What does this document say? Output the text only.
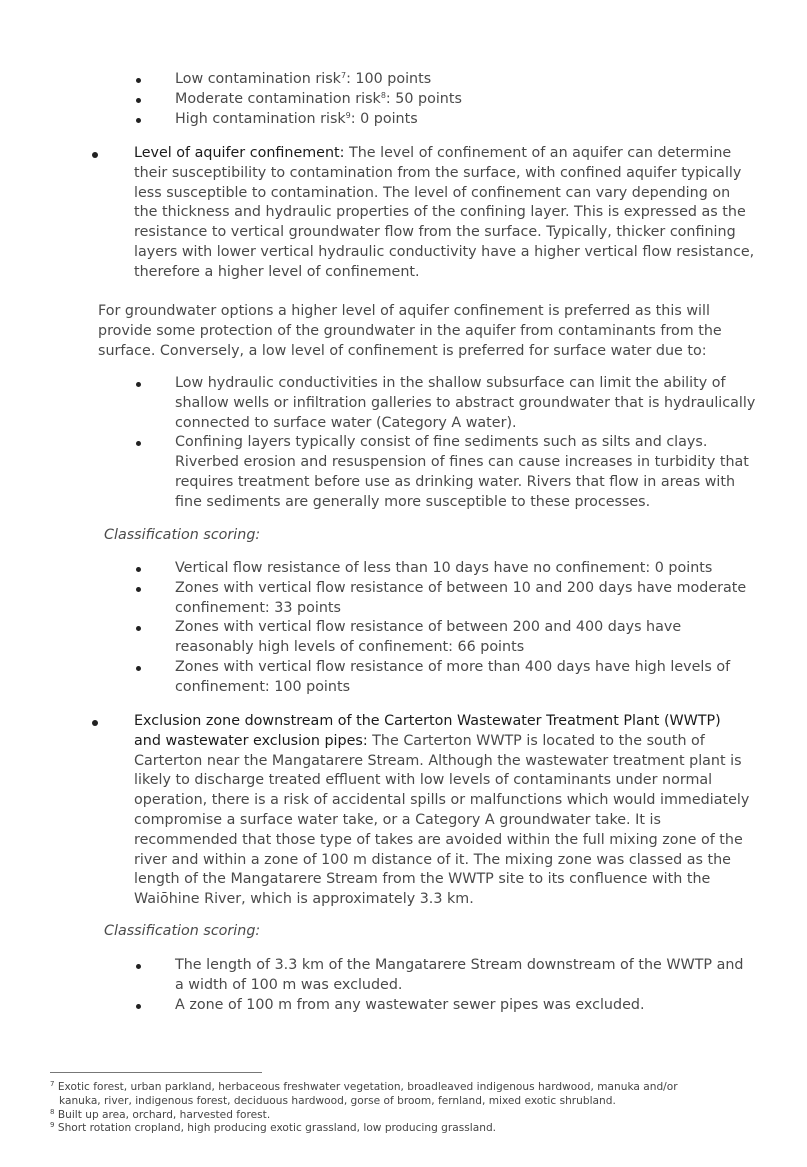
Low contamination risk$^7$: 100 points
Moderate contamination risk$^8$: 50 points
High contamination risk$^9$: 0 points
Level of aquifer confinement: The level of confinement of an aquifer can determine
their susceptibility to contamination from the surface, with confined aquifer typically
less susceptible to contamination. The level of confinement can vary depending on
the thickness and hydraulic properties of the confining layer. This is expressed as the
resistance to vertical groundwater flow from the surface. Typically, thicker confining
layers with lower vertical hydraulic conductivity have a higher vertical flow resistance,
therefore a higher level of confinement.

For groundwater options a higher level of aquifer confinement is preferred as this will
provide some protection of the groundwater in the aquifer from contaminants from the
surface. Conversely, a low level of confinement is preferred for surface water due to:

Low hydraulic conductivities in the shallow subsurface can limit the ability of
shallow wells or infiltration galleries to abstract groundwater that is hydraulically
connected to surface water (Category A water).
Confining layers typically consist of fine sediments such as silts and clays.
Riverbed erosion and resuspension of fines can cause increases in turbidity that
requires treatment before use as drinking water. Rivers that flow in areas with
fine sediments are generally more susceptible to these processes.

Classification scoring:

Vertical flow resistance of less than 10 days have no confinement: 0 points
Zones with vertical flow resistance of between 10 and 200 days have moderate
confinement: 33 points
Zones with vertical flow resistance of between 200 and 400 days have
reasonably high levels of confinement: 66 points
Zones with vertical flow resistance of more than 400 days have high levels of
confinement: 100 points
Exclusion zone downstream of the Carterton Wastewater Treatment Plant (WWTP)
and wastewater exclusion pipes: The Carterton WWTP is located to the south of
Carterton near the Mangatarere Stream. Although the wastewater treatment plant is
likely to discharge treated effluent with low levels of contaminants under normal
operation, there is a risk of accidental spills or malfunctions which would immediately
compromise a surface water take, or a Category A groundwater take. It is
recommended that those type of takes are avoided within the full mixing zone of the
river and within a zone of 100 m distance of it. The mixing zone was classed as the
length of the Mangatarere Stream from the WWTP site to its confluence with the
Waiōhine River, which is approximately 3.3 km.

Classification scoring:

The length of 3.3 km of the Mangatarere Stream downstream of the WWTP and
a width of 100 m was excluded.
A zone of 100 m from any wastewater sewer pipes was excluded.
$^7$ Exotic forest, urban parkland, herbaceous freshwater vegetation, broadleaved indigenous hardwood, manuka and/or
kanuka, river, indigenous forest, deciduous hardwood, gorse of broom, fernland, mixed exotic shrubland.
$^8$ Built up area, orchard, harvested forest.
$^9$ Short rotation cropland, high producing exotic grassland, low producing grassland.
